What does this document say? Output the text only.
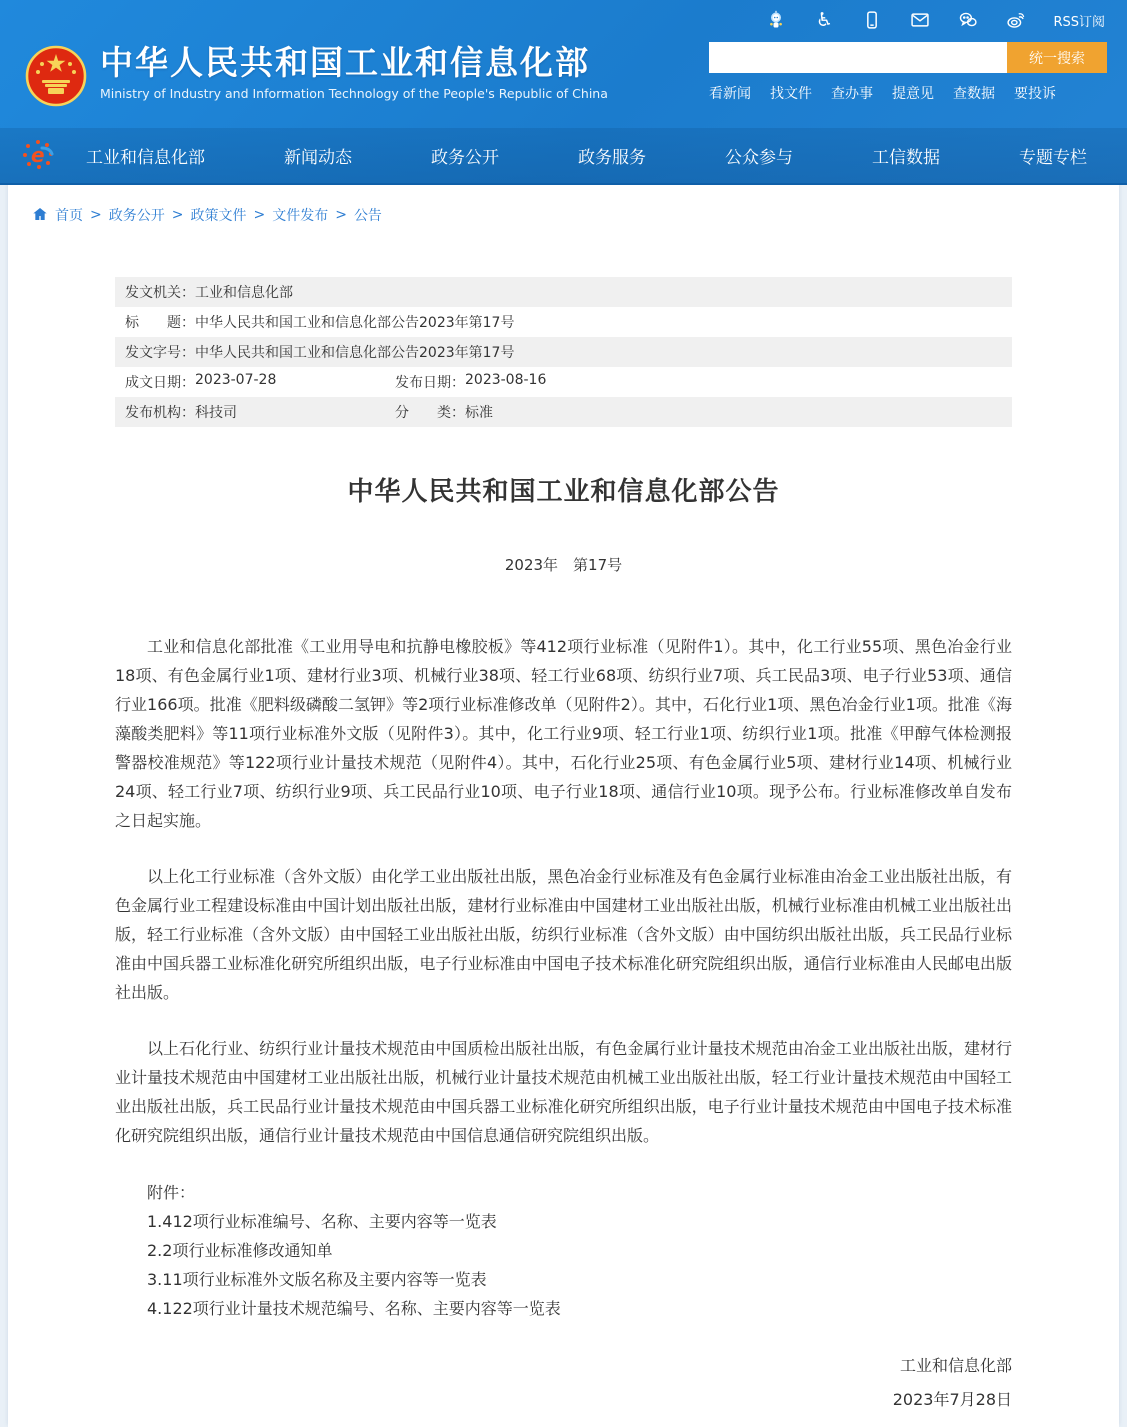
♿	RSS订阅
中华人民共和国工业和信息化部
Ministry of Industry and Information Technology of the People's Republic of China
统一搜索
看新闻 找文件 查办事 提意见 查数据 要投诉
e 工业和信息化部	新闻动态	政务公开	政务服务	公众参与	工信数据	专题专栏
首页 > 政务公开 > 政策文件 > 文件发布 > 公告
发文机关： 工业和信息化部
标　　题： 中华人民共和国工业和信息化部公告2023年第17号
发文字号： 中华人民共和国工业和信息化部公告2023年第17号
成文日期： 2023-07-28	发布日期： 2023-08-16
发布机构： 科技司	分　　类： 标准
中华人民共和国工业和信息化部公告
2023年　第17号

工业和信息化部批准《工业用导电和抗静电橡胶板》等412项行业标准（见附件1）。其中，化工行业55项、黑色冶金行业18项、有色金属行业1项、建材行业3项、机械行业38项、轻工行业68项、纺织行业7项、兵工民品3项、电子行业53项、通信行业166项。批准《肥料级磷酸二氢钾》等2项行业标准修改单（见附件2）。其中，石化行业1项、黑色冶金行业1项。批准《海藻酸类肥料》等11项行业标准外文版（见附件3）。其中，化工行业9项、轻工行业1项、纺织行业1项。批准《甲醇气体检测报警器校准规范》等122项行业计量技术规范（见附件4）。其中，石化行业25项、有色金属行业5项、建材行业14项、机械行业24项、轻工行业7项、纺织行业9项、兵工民品行业10项、电子行业18项、通信行业10项。现予公布。行业标准修改单自发布之日起实施。

以上化工行业标准（含外文版）由化学工业出版社出版，黑色冶金行业标准及有色金属行业标准由冶金工业出版社出版，有色金属行业工程建设标准由中国计划出版社出版，建材行业标准由中国建材工业出版社出版，机械行业标准由机械工业出版社出版，轻工行业标准（含外文版）由中国轻工业出版社出版，纺织行业标准（含外文版）由中国纺织出版社出版，兵工民品行业标准由中国兵器工业标准化研究所组织出版，电子行业标准由中国电子技术标准化研究院组织出版，通信行业标准由人民邮电出版社出版。

以上石化行业、纺织行业计量技术规范由中国质检出版社出版，有色金属行业计量技术规范由冶金工业出版社出版，建材行业计量技术规范由中国建材工业出版社出版，机械行业计量技术规范由机械工业出版社出版，轻工行业计量技术规范由中国轻工业出版社出版，兵工民品行业计量技术规范由中国兵器工业标准化研究所组织出版，电子行业计量技术规范由中国电子技术标准化研究院组织出版，通信行业计量技术规范由中国信息通信研究院组织出版。

附件：
1.412项行业标准编号、名称、主要内容等一览表
2.2项行业标准修改通知单
3.11项行业标准外文版名称及主要内容等一览表
4.122项行业计量技术规范编号、名称、主要内容等一览表
工业和信息化部
2023年7月28日
